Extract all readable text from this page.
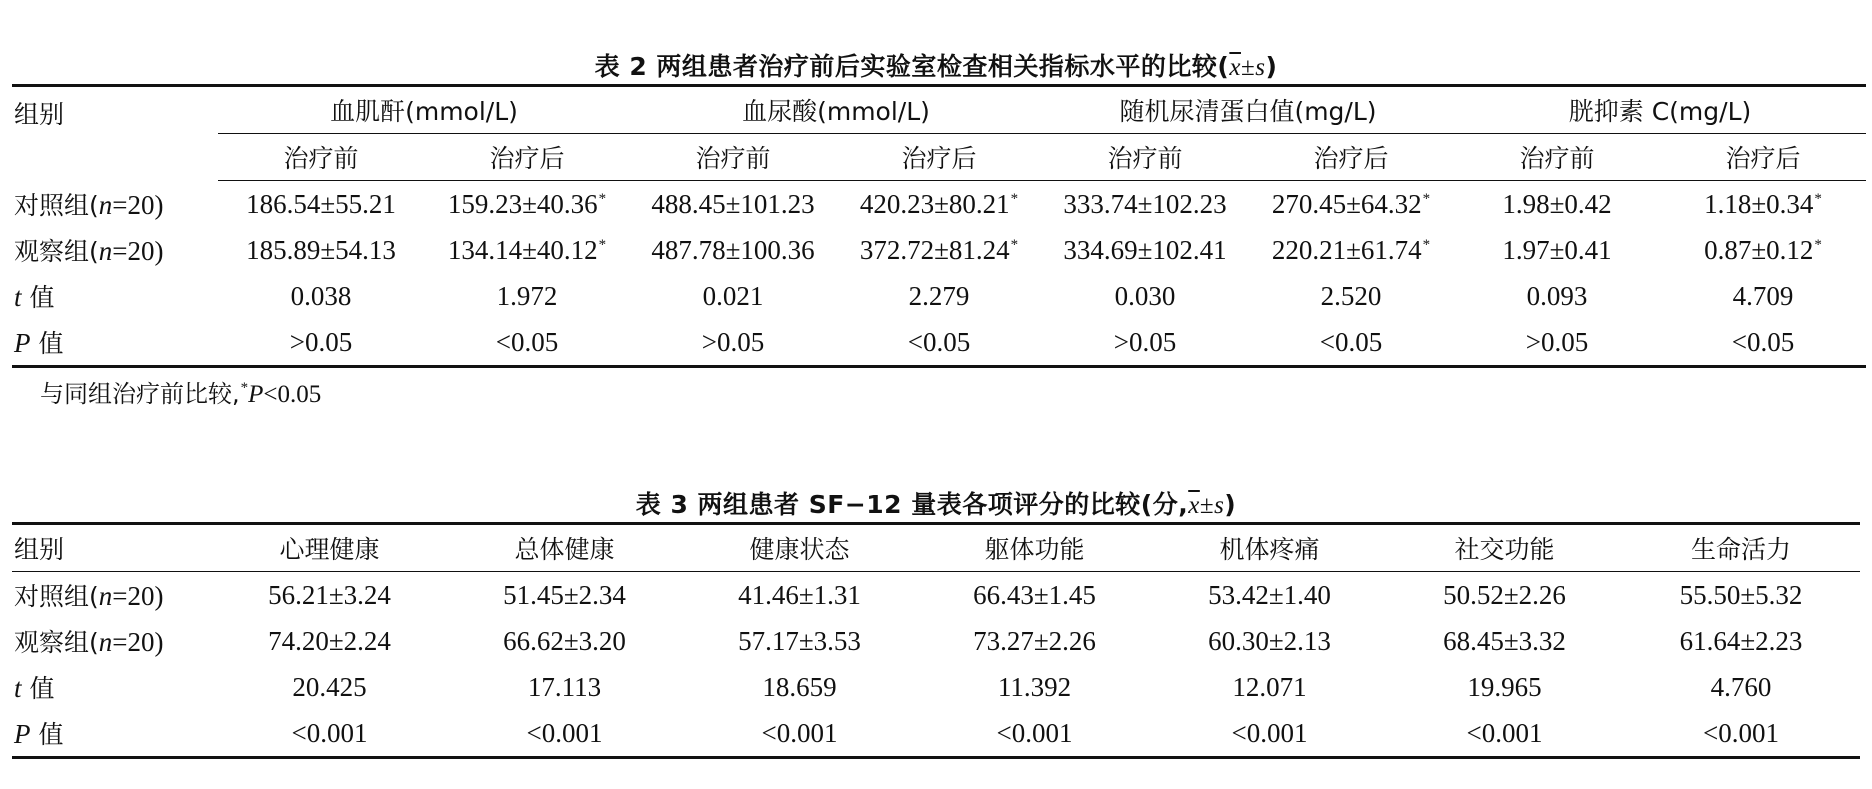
表 2 两组患者治疗前后实验室检查相关指标水平的比较$(\overline{x}\pm s)$
组别	血肌酐(mmol/L)		血尿酸(mmol/L)		随机尿清蛋白值(mg/L)		胱抑素 C(mg/L)	
	治疗前	治疗后	治疗前	治疗后	治疗前	治疗后	治疗前	治疗后
对照组(n=20)	186.54±55.21	159.23±40.36*	488.45±101.23	420.23±80.21*	333.74±102.23	270.45±64.32*	1.98±0.42	1.18±0.34*
观察组(n=20)	185.89±54.13	134.14±40.12*	487.78±100.36	372.72±81.24*	334.69±102.41	220.21±61.74*	1.97±0.41	0.87±0.12*
t 值	0.038	1.972	0.021	2.279	0.030	2.520	0.093	4.709
P 值	>0.05	<0.05	>0.05	<0.05	>0.05	<0.05	>0.05	<0.05
与同组治疗前比较,*P<0.05
表 3 两组患者 SF−12 量表各项评分的比较(分$,\overline{x}\pm s$)
组别	心理健康	总体健康	健康状态	躯体功能	机体疼痛	社交功能	生命活力
对照组(n=20)	56.21±3.24	51.45±2.34	41.46±1.31	66.43±1.45	53.42±1.40	50.52±2.26	55.50±5.32
观察组(n=20)	74.20±2.24	66.62±3.20	57.17±3.53	73.27±2.26	60.30±2.13	68.45±3.32	61.64±2.23
t 值	20.425	17.113	18.659	11.392	12.071	19.965	4.760
P 值	<0.001	<0.001	<0.001	<0.001	<0.001	<0.001	<0.001
